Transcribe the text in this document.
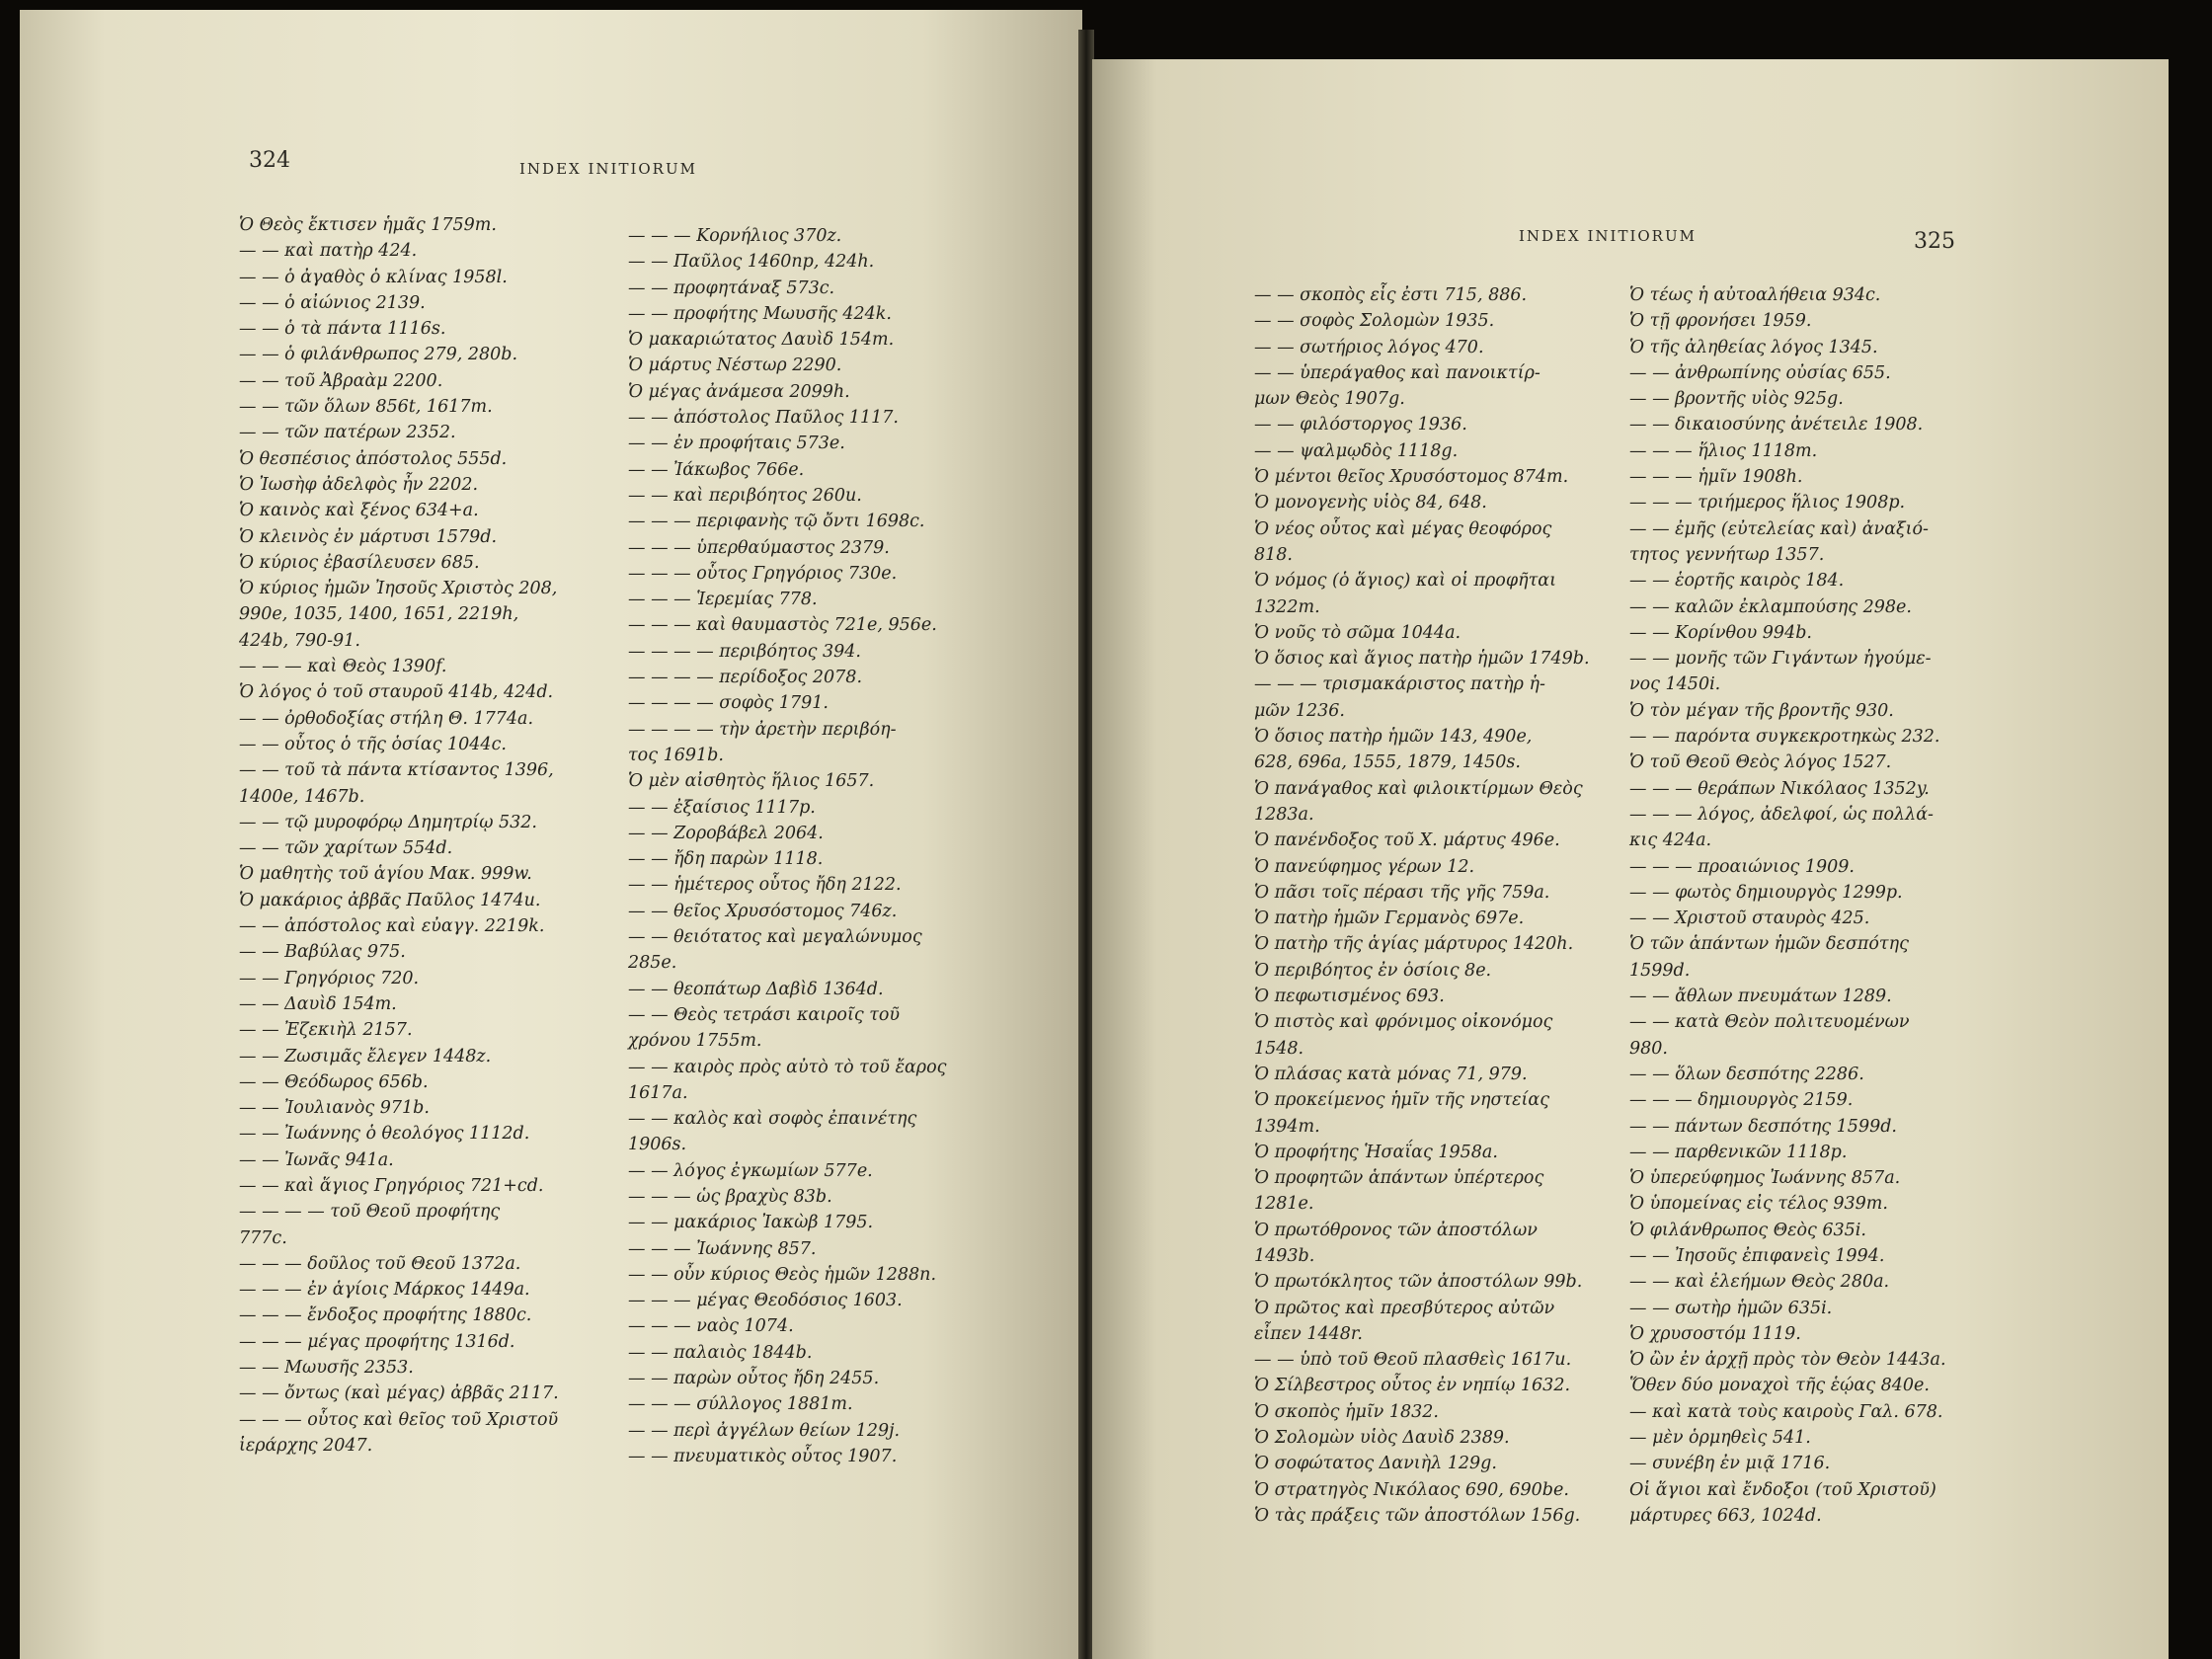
324	INDEX INITIORUM
Ὁ Θεὸς ἔκτισεν ἡμᾶς 1759m.
— — καὶ πατὴρ 424.
— — ὁ ἀγαθὸς ὁ κλίνας 1958l.
— — ὁ αἰώνιος 2139.
— — ὁ τὰ πάντα 1116s.
— — ὁ φιλάνθρωπος 279, 280b.
— — τοῦ Ἀβραὰμ 2200.
— — τῶν ὅλων 856t, 1617m.
— — τῶν πατέρων 2352.
Ὁ θεσπέσιος ἀπόστολος 555d.
Ὁ Ἰωσὴφ ἀδελφὸς ἦν 2202.
Ὁ καινὸς καὶ ξένος 634+a.
Ὁ κλεινὸς ἐν μάρτυσι 1579d.
Ὁ κύριος ἐβασίλευσεν 685.
Ὁ κύριος ἡμῶν Ἰησοῦς Χριστὸς 208,
990e, 1035, 1400, 1651, 2219h,
424b, 790-91.
— — — καὶ Θεὸς 1390f.
Ὁ λόγος ὁ τοῦ σταυροῦ 414b, 424d.
— — ὀρθοδοξίας στήλη Θ. 1774a.
— — οὗτος ὁ τῆς ὁσίας 1044c.
— — τοῦ τὰ πάντα κτίσαντος 1396,
1400e, 1467b.
— — τῷ μυροφόρῳ Δημητρίῳ 532.
— — τῶν χαρίτων 554d.
Ὁ μαθητὴς τοῦ ἁγίου Μακ. 999w.
Ὁ μακάριος ἀββᾶς Παῦλος 1474u.
— — ἀπόστολος καὶ εὐαγγ. 2219k.
— — Βαβύλας 975.
— — Γρηγόριος 720.
— — Δαυὶδ 154m.
— — Ἐζεκιὴλ 2157.
— — Ζωσιμᾶς ἔλεγεν 1448z.
— — Θεόδωρος 656b.
— — Ἰουλιανὸς 971b.
— — Ἰωάννης ὁ θεολόγος 1112d.
— — Ἰωνᾶς 941a.
— — καὶ ἅγιος Γρηγόριος 721+cd.
— — — — τοῦ Θεοῦ προφήτης
777c.
— — — δοῦλος τοῦ Θεοῦ 1372a.
— — — ἐν ἁγίοις Μάρκος 1449a.
— — — ἔνδοξος προφήτης 1880c.
— — — μέγας προφήτης 1316d.
— — Μωυσῆς 2353.
— — ὄντως (καὶ μέγας) ἀββᾶς 2117.
— — — οὗτος καὶ θεῖος τοῦ Χριστοῦ
ἱεράρχης 2047.
— — — Κορνήλιος 370z.
— — Παῦλος 1460np, 424h.
— — προφητάναξ 573c.
— — προφήτης Μωυσῆς 424k.
Ὁ μακαριώτατος Δαυὶδ 154m.
Ὁ μάρτυς Νέστωρ 2290.
Ὁ μέγας ἀνάμεσα 2099h.
— — ἀπόστολος Παῦλος 1117.
— — ἐν προφήταις 573e.
— — Ἰάκωβος 766e.
— — καὶ περιβόητος 260u.
— — — περιφανὴς τῷ ὄντι 1698c.
— — — ὑπερθαύμαστος 2379.
— — — οὗτος Γρηγόριος 730e.
— — — Ἱερεμίας 778.
— — — καὶ θαυμαστὸς 721e, 956e.
— — — — περιβόητος 394.
— — — — περίδοξος 2078.
— — — — σοφὸς 1791.
— — — — τὴν ἀρετὴν περιβόη-
τος 1691b.
Ὁ μὲν αἰσθητὸς ἥλιος 1657.
— — ἐξαίσιος 1117p.
— — Ζοροβάβελ 2064.
— — ἤδη παρὼν 1118.
— — ἡμέτερος οὗτος ἤδη 2122.
— — θεῖος Χρυσόστομος 746z.
— — θειότατος καὶ μεγαλώνυμος
285e.
— — θεοπάτωρ Δαβὶδ 1364d.
— — Θεὸς τετράσι καιροῖς τοῦ
χρόνου 1755m.
— — καιρὸς πρὸς αὐτὸ τὸ τοῦ ἔαρος
1617a.
— — καλὸς καὶ σοφὸς ἐπαινέτης
1906s.
— — λόγος ἐγκωμίων 577e.
— — — ὡς βραχὺς 83b.
— — μακάριος Ἰακὼβ 1795.
— — — Ἰωάννης 857.
— — οὖν κύριος Θεὸς ἡμῶν 1288n.
— — — μέγας Θεοδόσιος 1603.
— — — ναὸς 1074.
— — παλαιὸς 1844b.
— — παρὼν οὗτος ἤδη 2455.
— — — σύλλογος 1881m.
— — περὶ ἀγγέλων θείων 129j.
— — πνευματικὸς οὗτος 1907.
INDEX INITIORUM	325
— — σκοπὸς εἷς ἐστι 715, 886.
— — σοφὸς Σολομὼν 1935.
— — σωτήριος λόγος 470.
— — ὑπεράγαθος καὶ πανοικτίρ-
μων Θεὸς 1907g.
— — φιλόστοργος 1936.
— — ψαλμῳδὸς 1118g.
Ὁ μέντοι θεῖος Χρυσόστομος 874m.
Ὁ μονογενὴς υἱὸς 84, 648.
Ὁ νέος οὗτος καὶ μέγας θεοφόρος
818.
Ὁ νόμος (ὁ ἅγιος) καὶ οἱ προφῆται
1322m.
Ὁ νοῦς τὸ σῶμα 1044a.
Ὁ ὅσιος καὶ ἅγιος πατὴρ ἡμῶν 1749b.
— — — τρισμακάριστος πατὴρ ἡ-
μῶν 1236.
Ὁ ὅσιος πατὴρ ἡμῶν 143, 490e,
628, 696a, 1555, 1879, 1450s.
Ὁ πανάγαθος καὶ φιλοικτίρμων Θεὸς
1283a.
Ὁ πανένδοξος τοῦ Χ. μάρτυς 496e.
Ὁ πανεύφημος γέρων 12.
Ὁ πᾶσι τοῖς πέρασι τῆς γῆς 759a.
Ὁ πατὴρ ἡμῶν Γερμανὸς 697e.
Ὁ πατὴρ τῆς ἁγίας μάρτυρος 1420h.
Ὁ περιβόητος ἐν ὁσίοις 8e.
Ὁ πεφωτισμένος 693.
Ὁ πιστὸς καὶ φρόνιμος οἰκονόμος
1548.
Ὁ πλάσας κατὰ μόνας 71, 979.
Ὁ προκείμενος ἡμῖν τῆς νηστείας
1394m.
Ὁ προφήτης Ἡσαΐας 1958a.
Ὁ προφητῶν ἁπάντων ὑπέρτερος
1281e.
Ὁ πρωτόθρονος τῶν ἀποστόλων
1493b.
Ὁ πρωτόκλητος τῶν ἀποστόλων 99b.
Ὁ πρῶτος καὶ πρεσβύτερος αὐτῶν
εἶπεν 1448r.
— — ὑπὸ τοῦ Θεοῦ πλασθεὶς 1617u.
Ὁ Σίλβεστρος οὗτος ἐν νηπίῳ 1632.
Ὁ σκοπὸς ἡμῖν 1832.
Ὁ Σολομὼν υἱὸς Δαυὶδ 2389.
Ὁ σοφώτατος Δανιὴλ 129g.
Ὁ στρατηγὸς Νικόλαος 690, 690be.
Ὁ τὰς πράξεις τῶν ἀποστόλων 156g.
Ὁ τέως ἡ αὐτοαλήθεια 934c.
Ὁ τῇ φρονήσει 1959.
Ὁ τῆς ἀληθείας λόγος 1345.
— — ἀνθρωπίνης οὐσίας 655.
— — βροντῆς υἱὸς 925g.
— — δικαιοσύνης ἀνέτειλε 1908.
— — — ἥλιος 1118m.
— — — ἡμῖν 1908h.
— — — τριήμερος ἥλιος 1908p.
— — ἐμῆς (εὐτελείας καὶ) ἀναξιό-
τητος γεννήτωρ 1357.
— — ἑορτῆς καιρὸς 184.
— — καλῶν ἐκλαμπούσης 298e.
— — Κορίνθου 994b.
— — μονῆς τῶν Γιγάντων ἡγούμε-
νος 1450i.
Ὁ τὸν μέγαν τῆς βροντῆς 930.
— — παρόντα συγκεκροτηκὼς 232.
Ὁ τοῦ Θεοῦ Θεὸς λόγος 1527.
— — — θεράπων Νικόλαος 1352y.
— — — λόγος, ἀδελφοί, ὡς πολλά-
κις 424a.
— — — προαιώνιος 1909.
— — φωτὸς δημιουργὸς 1299p.
— — Χριστοῦ σταυρὸς 425.
Ὁ τῶν ἁπάντων ἡμῶν δεσπότης
1599d.
— — ἄθλων πνευμάτων 1289.
— — κατὰ Θεὸν πολιτευομένων
980.
— — ὅλων δεσπότης 2286.
— — — δημιουργὸς 2159.
— — πάντων δεσπότης 1599d.
— — παρθενικῶν 1118p.
Ὁ ὑπερεύφημος Ἰωάννης 857a.
Ὁ ὑπομείνας εἰς τέλος 939m.
Ὁ φιλάνθρωπος Θεὸς 635i.
— — Ἰησοῦς ἐπιφανεὶς 1994.
— — καὶ ἐλεήμων Θεὸς 280a.
— — σωτὴρ ἡμῶν 635i.
Ὁ χρυσοστόμ 1119.
Ὁ ὢν ἐν ἀρχῇ πρὸς τὸν Θεὸν 1443a.
Ὅθεν δύο μοναχοὶ τῆς ἑῴας 840e.
— καὶ κατὰ τοὺς καιροὺς Γαλ. 678.
— μὲν ὁρμηθεὶς 541.
— συνέβη ἐν μιᾷ 1716.
Οἱ ἅγιοι καὶ ἔνδοξοι (τοῦ Χριστοῦ)
μάρτυρες 663, 1024d.
